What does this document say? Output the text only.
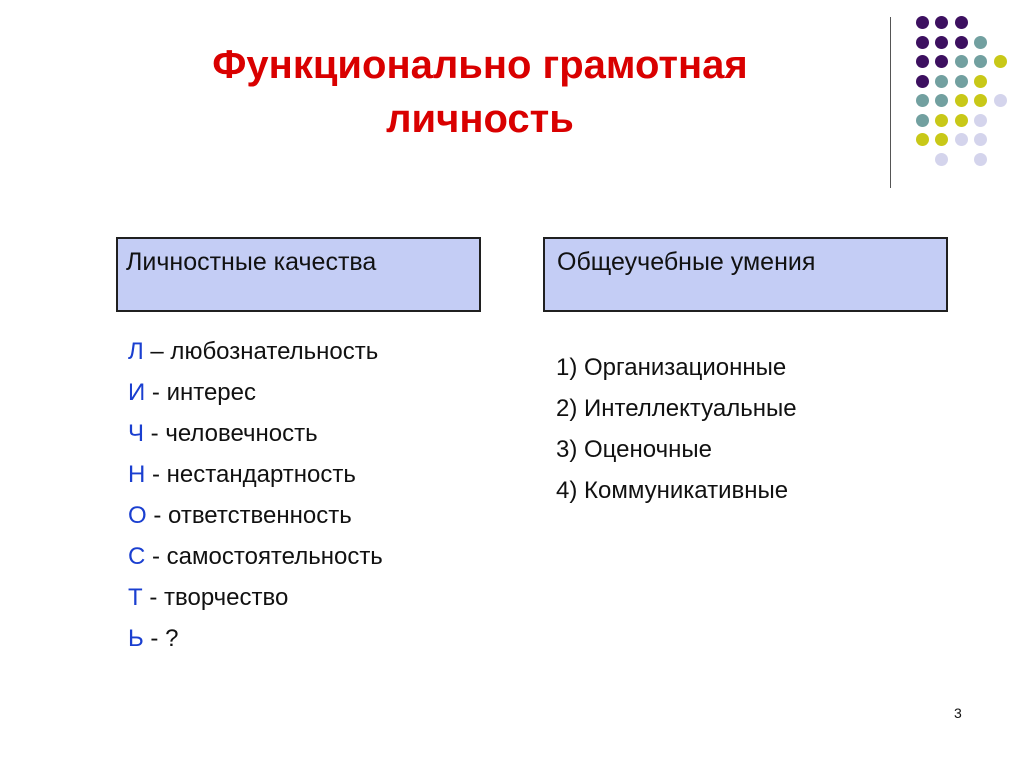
Функционально грамотная
личность
Личностные качества	Общеучебные умения
Л – любознательность
И - интерес
Ч - человечность
Н - нестандартность
О - ответственность
С - самостоятельность
Т - творчество
Ь - ?
1) Организационные
2) Интеллектуальные
3) Оценочные
4) Коммуникативные
3
